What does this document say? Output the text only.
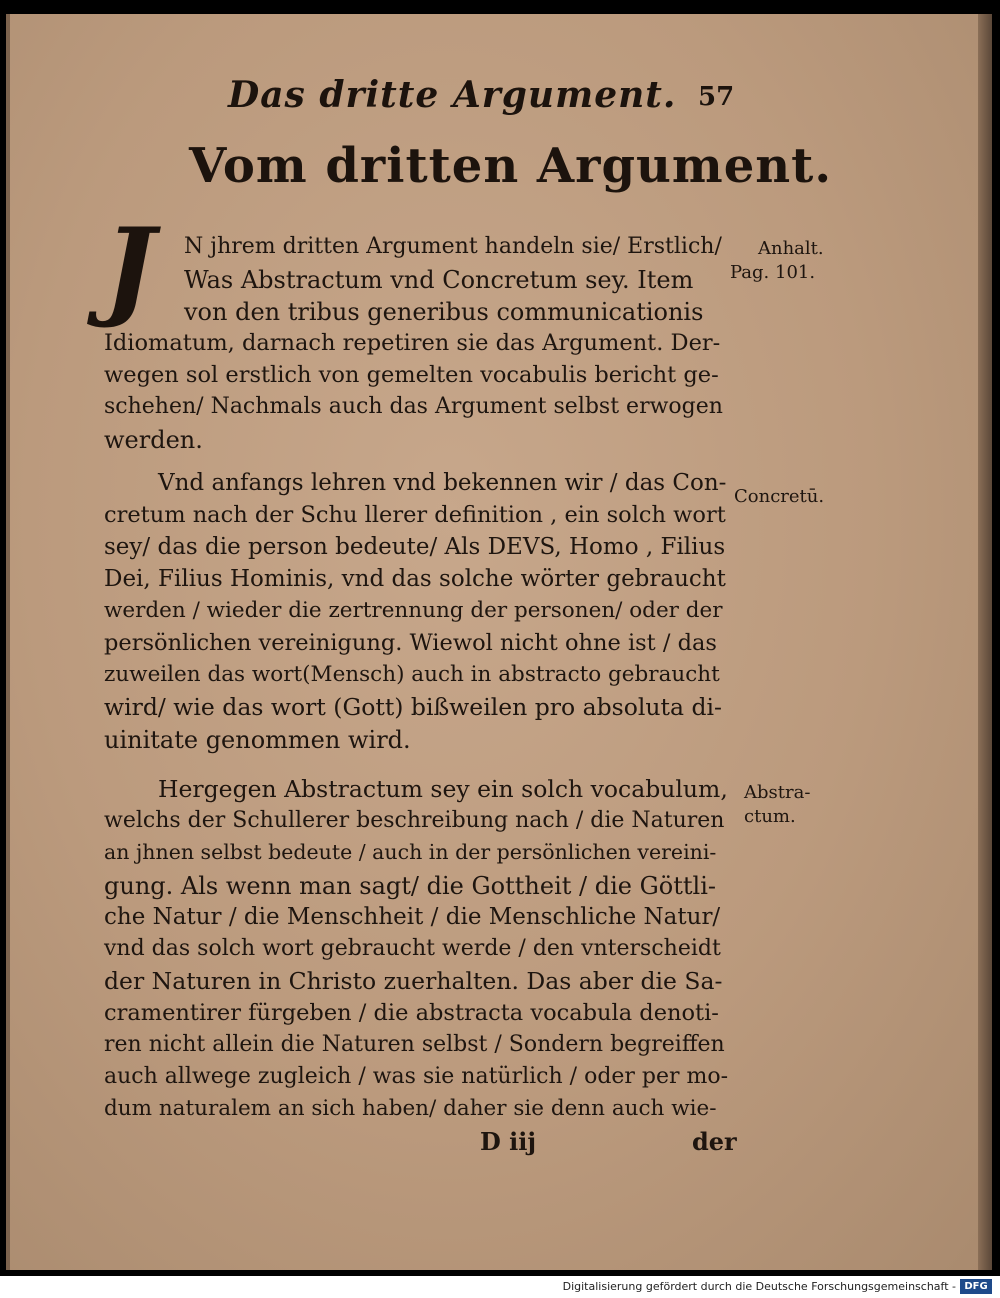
Das dritte Argument. 57
Vom dritten Argument.
J N jhrem dritten Argument handeln sie/ Erstlich/
Was Abstractum vnd Concretum sey. Item
von den tribus generibus communicationis
Idiomatum, darnach repetiren sie das Argument. Der-
wegen sol erstlich von gemelten vocabulis bericht ge-
schehen/ Nachmals auch das Argument selbst erwogen
werden.
Vnd anfangs lehren vnd bekennen wir / das Con-
cretum nach der Schu llerer definition , ein solch wort
sey/ das die person bedeute/ Als DEVS, Homo , Filius
Dei, Filius Hominis, vnd das solche wörter gebraucht
werden / wieder die zertrennung der personen/ oder der
persönlichen vereinigung. Wiewol nicht ohne ist / das
zuweilen das wort(Mensch) auch in abstracto gebraucht
wird/ wie das wort (Gott) bißweilen pro absoluta di-
uinitate genommen wird.
Hergegen Abstractum sey ein solch vocabulum,
welchs der Schullerer beschreibung nach / die Naturen
an jhnen selbst bedeute / auch in der persönlichen vereini-
gung. Als wenn man sagt/ die Gottheit / die Göttli-
che Natur / die Menschheit / die Menschliche Natur/
vnd das solch wort gebraucht werde / den vnterscheidt
der Naturen in Christo zuerhalten. Das aber die Sa-
cramentirer fürgeben / die abstracta vocabula denoti-
ren nicht allein die Naturen selbst / Sondern begreiffen
auch allwege zugleich / was sie natürlich / oder per mo-
dum naturalem an sich haben/ daher sie denn auch wie-
D iij	der
Anhalt.
Pag. 101.
Concretū.
Abstra-
ctum.
Digitalisierung gefördert durch die Deutsche Forschungsgemeinschaft - DFG
